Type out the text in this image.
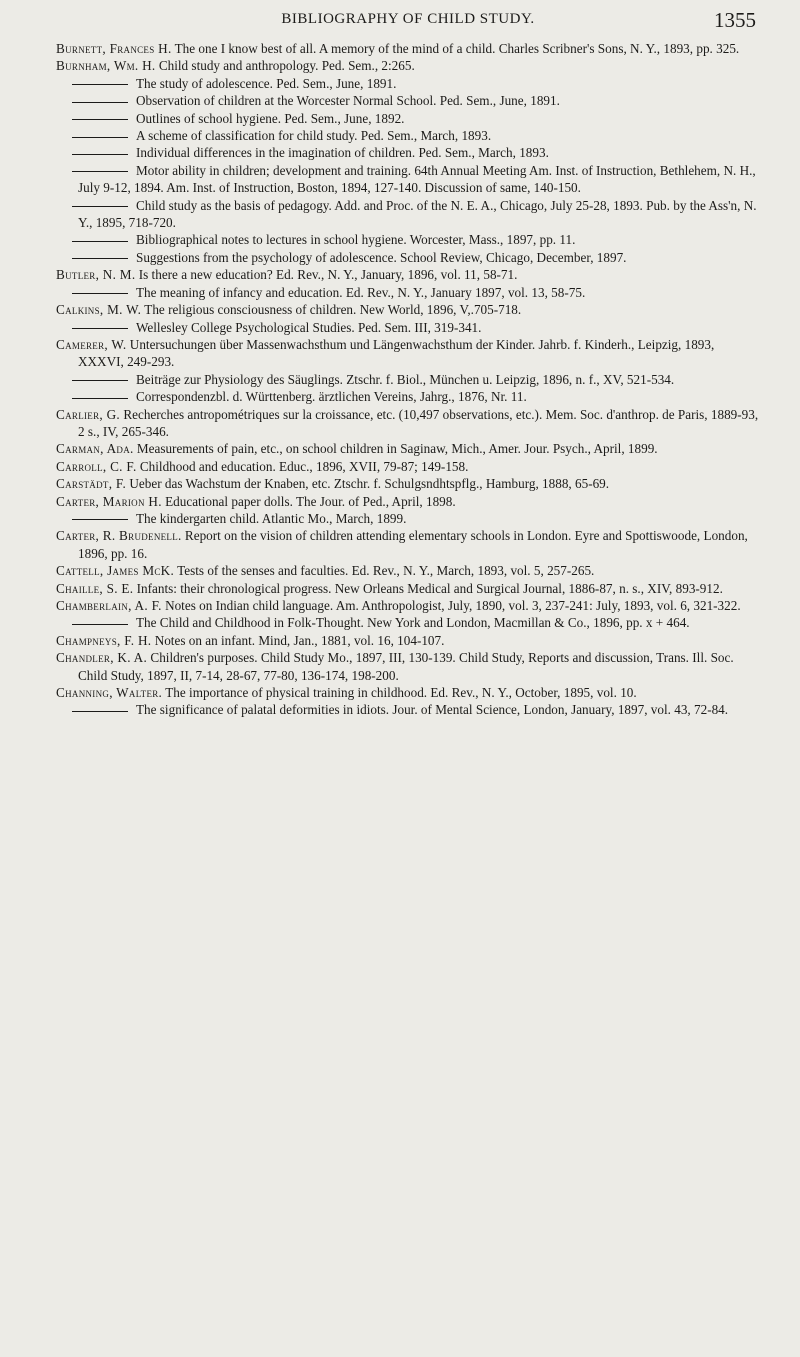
BIBLIOGRAPHY OF CHILD STUDY.	1355

Burnett, Frances H. The one I know best of all. A memory of the mind of a child. Charles Scribner's Sons, N. Y., 1893, pp. 325.

Burnham, Wm. H. Child study and anthropology. Ped. Sem., 2:265.

The study of adolescence. Ped. Sem., June, 1891.

Observation of children at the Worcester Normal School. Ped. Sem., June, 1891.

Outlines of school hygiene. Ped. Sem., June, 1892.

A scheme of classification for child study. Ped. Sem., March, 1893.

Individual differences in the imagination of children. Ped. Sem., March, 1893.

Motor ability in children; development and training. 64th Annual Meeting Am. Inst. of Instruction, Bethlehem, N. H., July 9-12, 1894. Am. Inst. of Instruction, Boston, 1894, 127-140. Discussion of same, 140-150.

Child study as the basis of pedagogy. Add. and Proc. of the N. E. A., Chicago, July 25-28, 1893. Pub. by the Ass'n, N. Y., 1895, 718-720.

Bibliographical notes to lectures in school hygiene. Worcester, Mass., 1897, pp. 11.

Suggestions from the psychology of adolescence. School Review, Chicago, December, 1897.

Butler, N. M. Is there a new education? Ed. Rev., N. Y., January, 1896, vol. 11, 58-71.

The meaning of infancy and education. Ed. Rev., N. Y., January 1897, vol. 13, 58-75.

Calkins, M. W. The religious consciousness of children. New World, 1896, V,.705-718.

Wellesley College Psychological Studies. Ped. Sem. III, 319-341.

Camerer, W. Untersuchungen über Massenwachsthum und Längenwachsthum der Kinder. Jahrb. f. Kinderh., Leipzig, 1893, XXXVI, 249-293.

Beiträge zur Physiology des Säuglings. Ztschr. f. Biol., München u. Leipzig, 1896, n. f., XV, 521-534.

Correspondenzbl. d. Württenberg. ärztlichen Vereins, Jahrg., 1876, Nr. 11.

Carlier, G. Recherches antropométriques sur la croissance, etc. (10,497 observations, etc.). Mem. Soc. d'anthrop. de Paris, 1889-93, 2 s., IV, 265-346.

Carman, Ada. Measurements of pain, etc., on school children in Saginaw, Mich., Amer. Jour. Psych., April, 1899.

Carroll, C. F. Childhood and education. Educ., 1896, XVII, 79-87; 149-158.

Carstädt, F. Ueber das Wachstum der Knaben, etc. Ztschr. f. Schulgsndhtspflg., Hamburg, 1888, 65-69.

Carter, Marion H. Educational paper dolls. The Jour. of Ped., April, 1898.

The kindergarten child. Atlantic Mo., March, 1899.

Carter, R. Brudenell. Report on the vision of children attending elementary schools in London. Eyre and Spottiswoode, London, 1896, pp. 16.

Cattell, James McK. Tests of the senses and faculties. Ed. Rev., N. Y., March, 1893, vol. 5, 257-265.

Chaille, S. E. Infants: their chronological progress. New Orleans Medical and Surgical Journal, 1886-87, n. s., XIV, 893-912.

Chamberlain, A. F. Notes on Indian child language. Am. Anthropologist, July, 1890, vol. 3, 237-241: July, 1893, vol. 6, 321-322.

The Child and Childhood in Folk-Thought. New York and London, Macmillan & Co., 1896, pp. x + 464.

Champneys, F. H. Notes on an infant. Mind, Jan., 1881, vol. 16, 104-107.

Chandler, K. A. Children's purposes. Child Study Mo., 1897, III, 130-139. Child Study, Reports and discussion, Trans. Ill. Soc. Child Study, 1897, II, 7-14, 28-67, 77-80, 136-174, 198-200.

Channing, Walter. The importance of physical training in childhood. Ed. Rev., N. Y., October, 1895, vol. 10.

The significance of palatal deformities in idiots. Jour. of Mental Science, London, January, 1897, vol. 43, 72-84.
